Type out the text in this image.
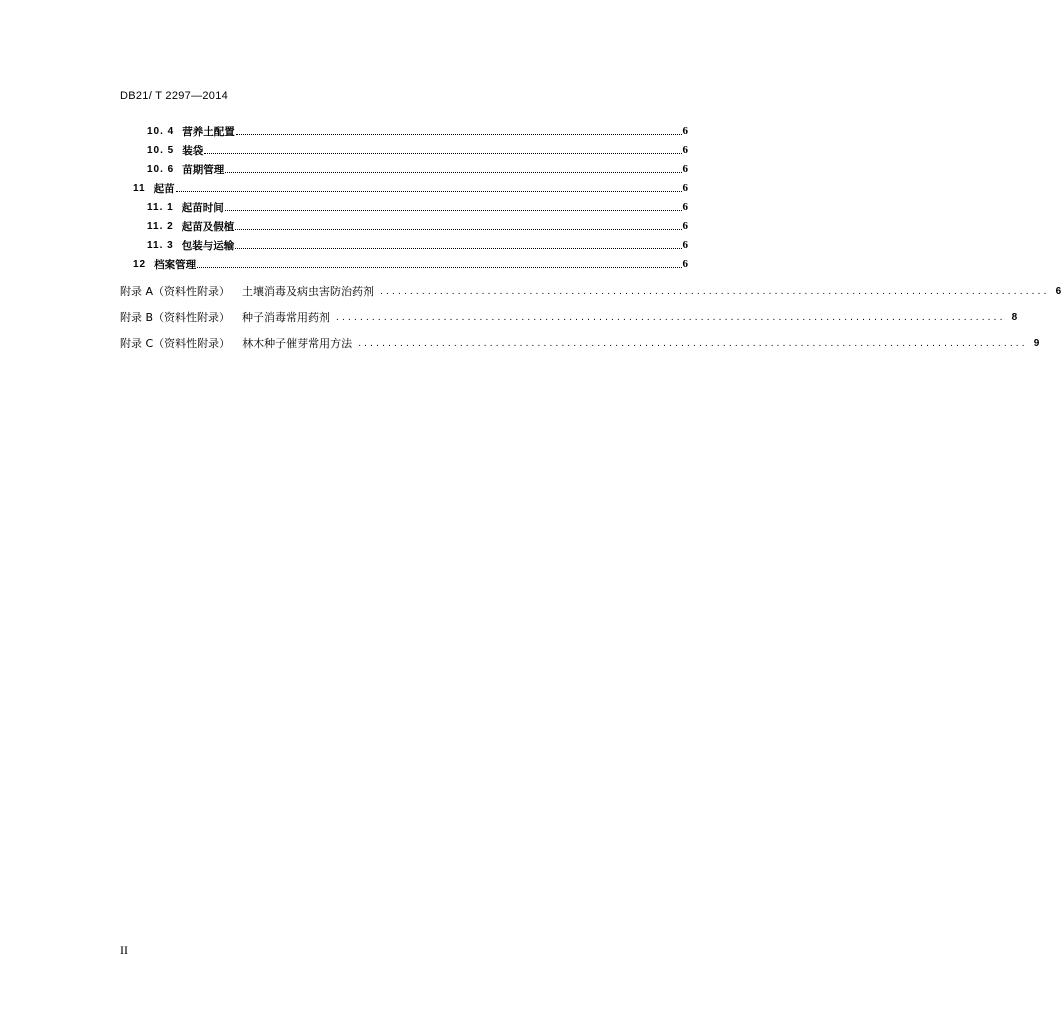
DB21/ T 2297—2014
10. 4 营养土配置	6
10. 5 装袋	6
10. 6 苗期管理	6
11 起苗	6
11. 1 起苗时间	6
11. 2 起苗及假植	6
11. 3 包装与运输	6
12 档案管理	6
附录 A（资料性附录） 土壤消毒及病虫害防治药剂 ................................................................................................................ 6
附录 B（资料性附录） 种子消毒常用药剂 ................................................................................................................ 8
附录 C（资料性附录） 林木种子催芽常用方法 ................................................................................................................ 9
II
